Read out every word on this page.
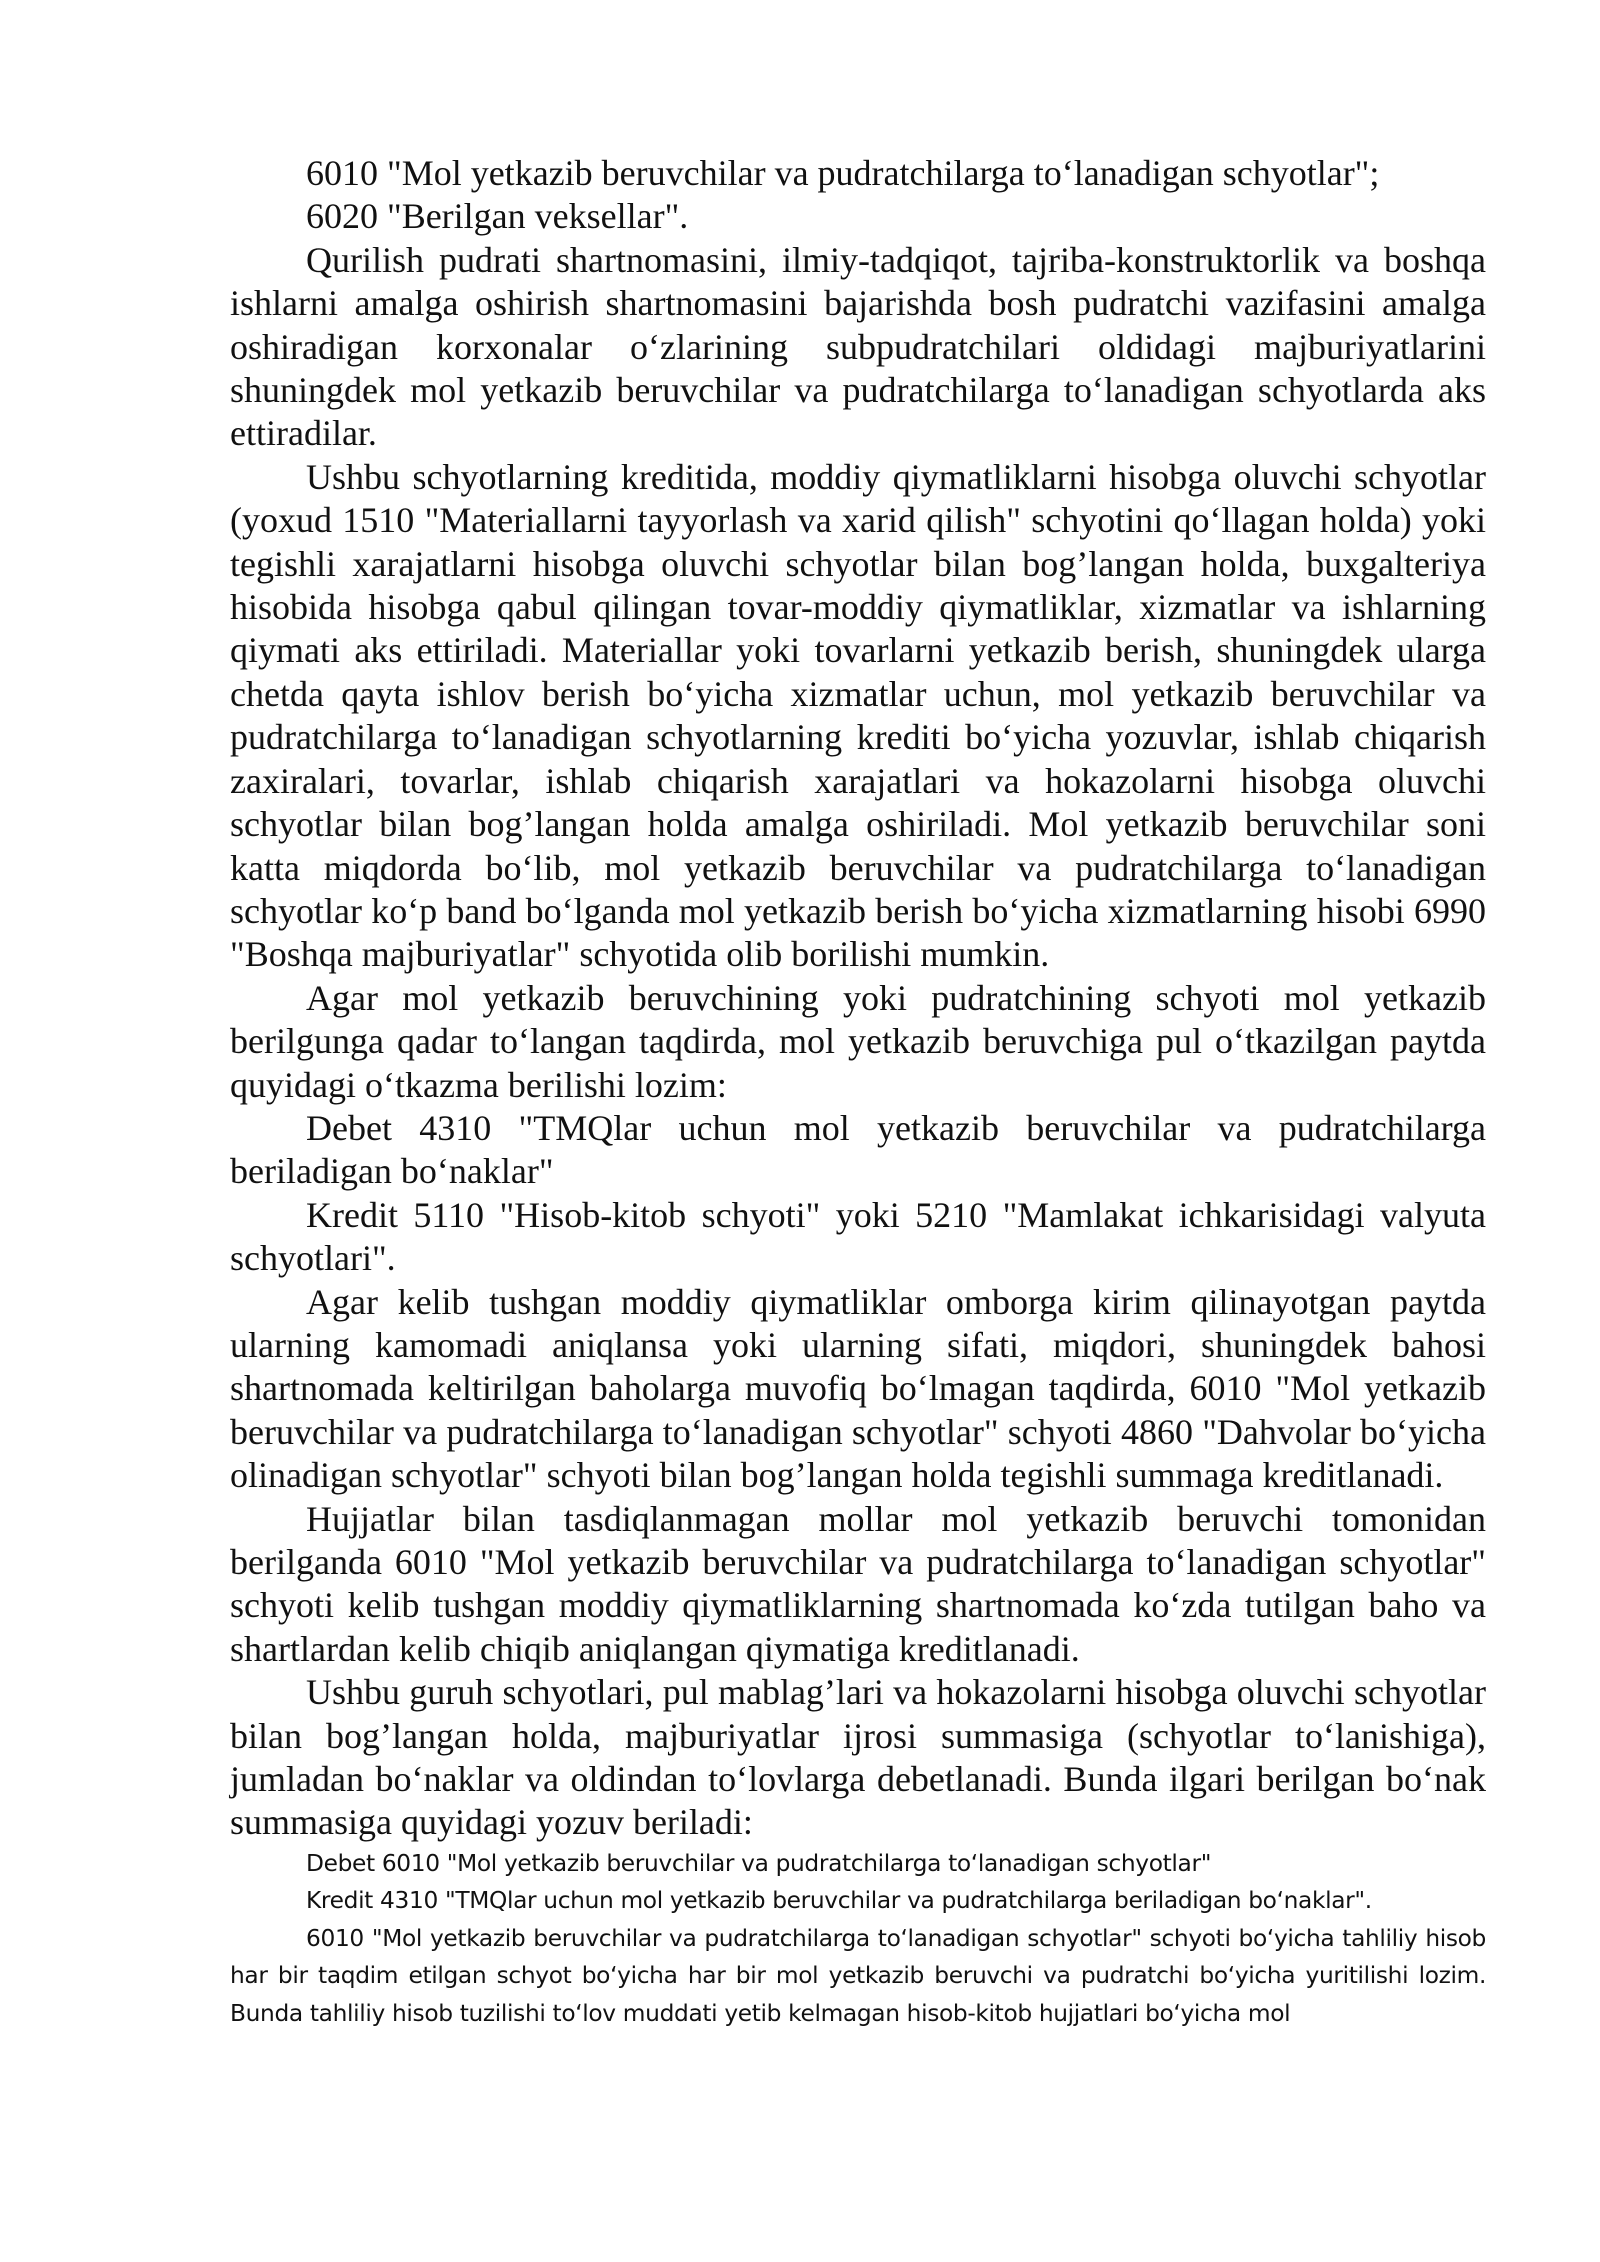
6010 "Mol yetkazib beruvchilar va pudratchilarga to‘lanadigan schyotlar";

6020 "Berilgan veksellar".

Qurilish pudrati shartnomasini, ilmiy-tadqiqot, tajriba-konstruktorlik va boshqa ishlarni amalga oshirish shartnomasini bajarishda bosh pudratchi vazifasini amalga oshiradigan korxonalar o‘zlarining subpudratchilari oldidagi majburiyatlarini shuningdek mol yetkazib beruvchilar va pudratchilarga to‘lanadigan schyotlarda aks ettiradilar.

Ushbu schyotlarning kreditida, moddiy qiymatliklarni hisobga oluvchi schyotlar (yoxud 1510 "Materiallarni tayyorlash va xarid qilish" schyotini qo‘llagan holda) yoki tegishli xarajatlarni hisobga oluvchi schyotlar bilan bog’langan holda, buxgalteriya hisobida hisobga qabul qilingan tovar-moddiy qiymatliklar, xizmatlar va ishlarning qiymati aks ettiriladi. Materiallar yoki tovarlarni yetkazib berish, shuningdek ularga chetda qayta ishlov berish bo‘yicha xizmatlar uchun, mol yetkazib beruvchilar va pudratchilarga to‘lanadigan schyotlarning krediti bo‘yicha yozuvlar, ishlab chiqarish zaxiralari, tovarlar, ishlab chiqarish xarajatlari va hokazolarni hisobga oluvchi schyotlar bilan bog’langan holda amalga oshiriladi. Mol yetkazib beruvchilar soni katta miqdorda bo‘lib, mol yetkazib beruvchilar va pudratchilarga to‘lanadigan schyotlar ko‘p band bo‘lganda mol yetkazib berish bo‘yicha xizmatlarning hisobi 6990 "Boshqa majburiyatlar" schyotida olib borilishi mumkin.

Agar mol yetkazib beruvchining yoki pudratchining schyoti mol yetkazib berilgunga qadar to‘langan taqdirda, mol yetkazib beruvchiga pul o‘tkazilgan paytda quyidagi o‘tkazma berilishi lozim:

Debet 4310 "TMQlar uchun mol yetkazib beruvchilar va pudratchilarga beriladigan bo‘naklar"

Kredit 5110 "Hisob-kitob schyoti" yoki 5210 "Mamlakat ichkarisidagi valyuta schyotlari".

Agar kelib tushgan moddiy qiymatliklar omborga kirim qilinayotgan paytda ularning kamomadi aniqlansa yoki ularning sifati, miqdori, shuningdek bahosi shartnomada keltirilgan baholarga muvofiq bo‘lmagan taqdirda, 6010 "Mol yetkazib beruvchilar va pudratchilarga to‘lanadigan schyotlar" schyoti 4860 "Dahvolar bo‘yicha olinadigan schyotlar" schyoti bilan bog’langan holda tegishli summaga kreditlanadi.

Hujjatlar bilan tasdiqlanmagan mollar mol yetkazib beruvchi tomonidan berilganda 6010 "Mol yetkazib beruvchilar va pudratchilarga to‘lanadigan schyotlar" schyoti kelib tushgan moddiy qiymatliklarning shartnomada ko‘zda tutilgan baho va shartlardan kelib chiqib aniqlangan qiymatiga kreditlanadi.

Ushbu guruh schyotlari, pul mablag’lari va hokazolarni hisobga oluvchi schyotlar bilan bog’langan holda, majburiyatlar ijrosi summasiga (schyotlar to‘lanishiga), jumladan bo‘naklar va oldindan to‘lovlarga debetlanadi. Bunda ilgari berilgan bo‘nak summasiga quyidagi yozuv beriladi:

Debet 6010 "Mol yetkazib beruvchilar va pudratchilarga to‘lanadigan schyotlar"

Kredit 4310 "TMQlar uchun mol yetkazib beruvchilar va pudratchilarga beriladigan bo‘naklar".

6010 "Mol yetkazib beruvchilar va pudratchilarga to‘lanadigan schyotlar" schyoti bo‘yicha tahliliy hisob har bir taqdim etilgan schyot bo‘yicha har bir mol yetkazib beruvchi va pudratchi bo‘yicha yuritilishi lozim. Bunda tahliliy hisob tuzilishi to‘lov muddati yetib kelmagan hisob-kitob hujjatlari bo‘yicha mol
